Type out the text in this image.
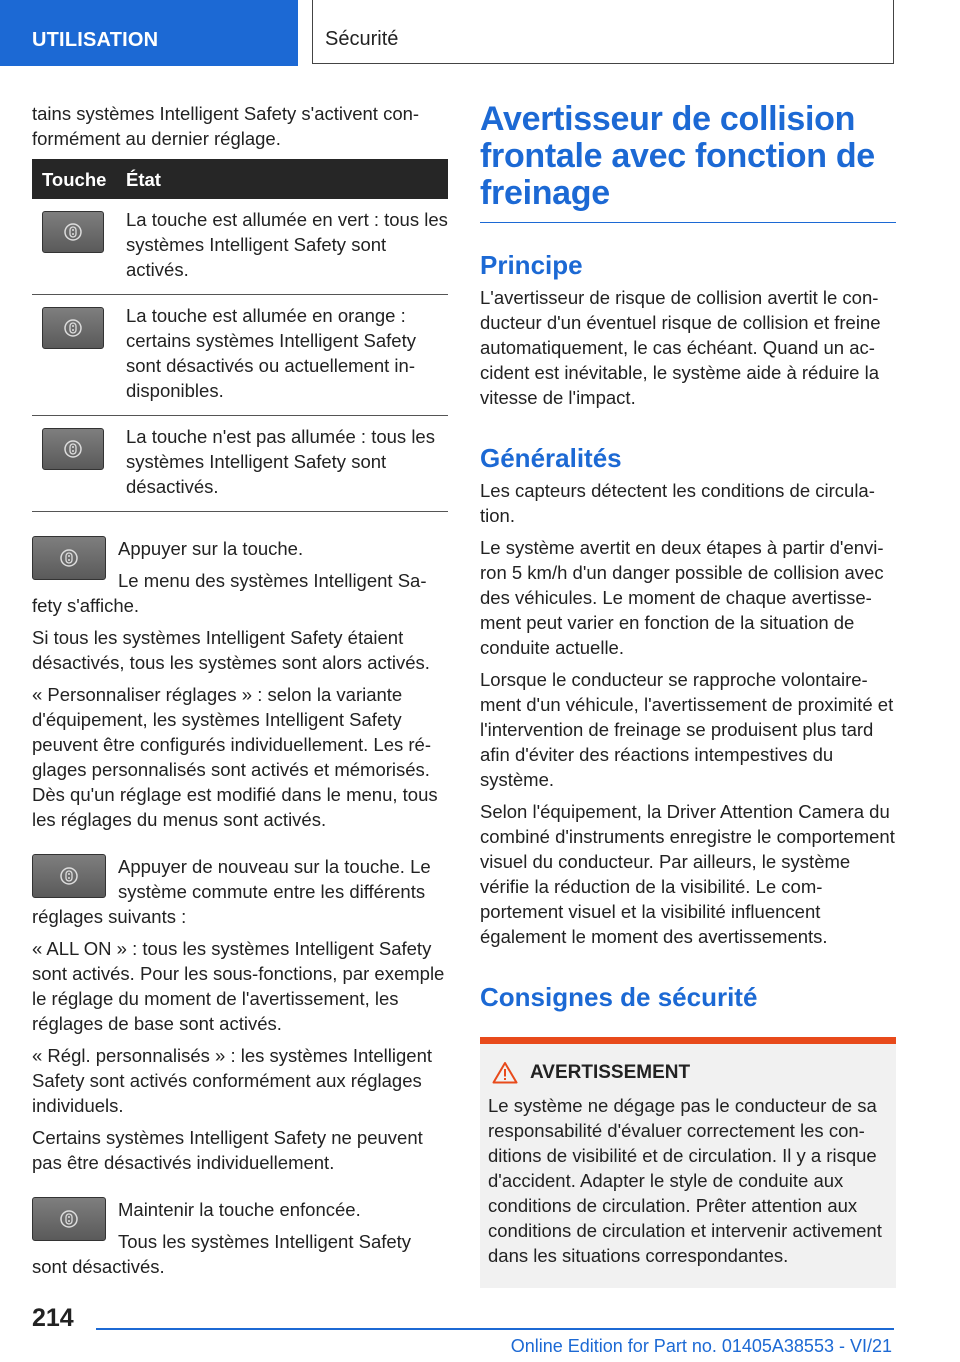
UTILISATION	Sécurité

tains systèmes Intelligent Safety s'activent conformément au dernier réglage.

Touche	État
La touche est allumée en vert : tous les systèmes Intelligent Safety sont activés.
La touche est allumée en orange : certains systèmes Intelligent Safety sont désactivés ou actuellement indisponibles.
La touche n'est pas allumée : tous les systèmes Intelligent Safety sont désactivés.

Appuyer sur la touche.

Le menu des systèmes Intelligent Safety s'affiche.

Si tous les systèmes Intelligent Safety étaient désactivés, tous les systèmes sont alors activés.

« Personnaliser réglages » : selon la variante d'équipement, les systèmes Intelligent Safety peuvent être configurés individuellement. Les réglages personnalisés sont activés et mémorisés. Dès qu'un réglage est modifié dans le menu, tous les réglages du menus sont activés.

Appuyer de nouveau sur la touche. Le système commute entre les différents réglages suivants :

« ALL ON » : tous les systèmes Intelligent Safety sont activés. Pour les sous-fonctions, par exemple le réglage du moment de l'avertissement, les réglages de base sont activés.

« Régl. personnalisés » : les systèmes Intelligent Safety sont activés conformément aux réglages individuels.

Certains systèmes Intelligent Safety ne peuvent pas être désactivés individuellement.

Maintenir la touche enfoncée.

Tous les systèmes Intelligent Safety sont désactivés.

Avertisseur de collision frontale avec fonction de freinage
Principe

L'avertisseur de risque de collision avertit le conducteur d'un éventuel risque de collision et freine automatiquement, le cas échéant. Quand un accident est inévitable, le système aide à réduire la vitesse de l'impact.

Généralités

Les capteurs détectent les conditions de circulation.

Le système avertit en deux étapes à partir d'environ 5 km/h d'un danger possible de collision avec des véhicules. Le moment de chaque avertissement peut varier en fonction de la situation de conduite actuelle.

Lorsque le conducteur se rapproche volontairement d'un véhicule, l'avertissement de proximité et l'intervention de freinage se produisent plus tard afin d'éviter des réactions intempestives du système.

Selon l'équipement, la Driver Attention Camera du combiné d'instruments enregistre le comportement visuel du conducteur. Par ailleurs, le système vérifie la réduction de la visibilité. Le comportement visuel et la visibilité influencent également le moment des avertissements.

Consignes de sécurité
AVERTISSEMENT
Le système ne dégage pas le conducteur de sa responsabilité d'évaluer correctement les conditions de visibilité et de circulation. Il y a risque d'accident. Adapter le style de conduite aux conditions de circulation. Prêter attention aux conditions de circulation et intervenir activement dans les situations correspondantes.
214
Online Edition for Part no. 01405A38553 - VI/21
